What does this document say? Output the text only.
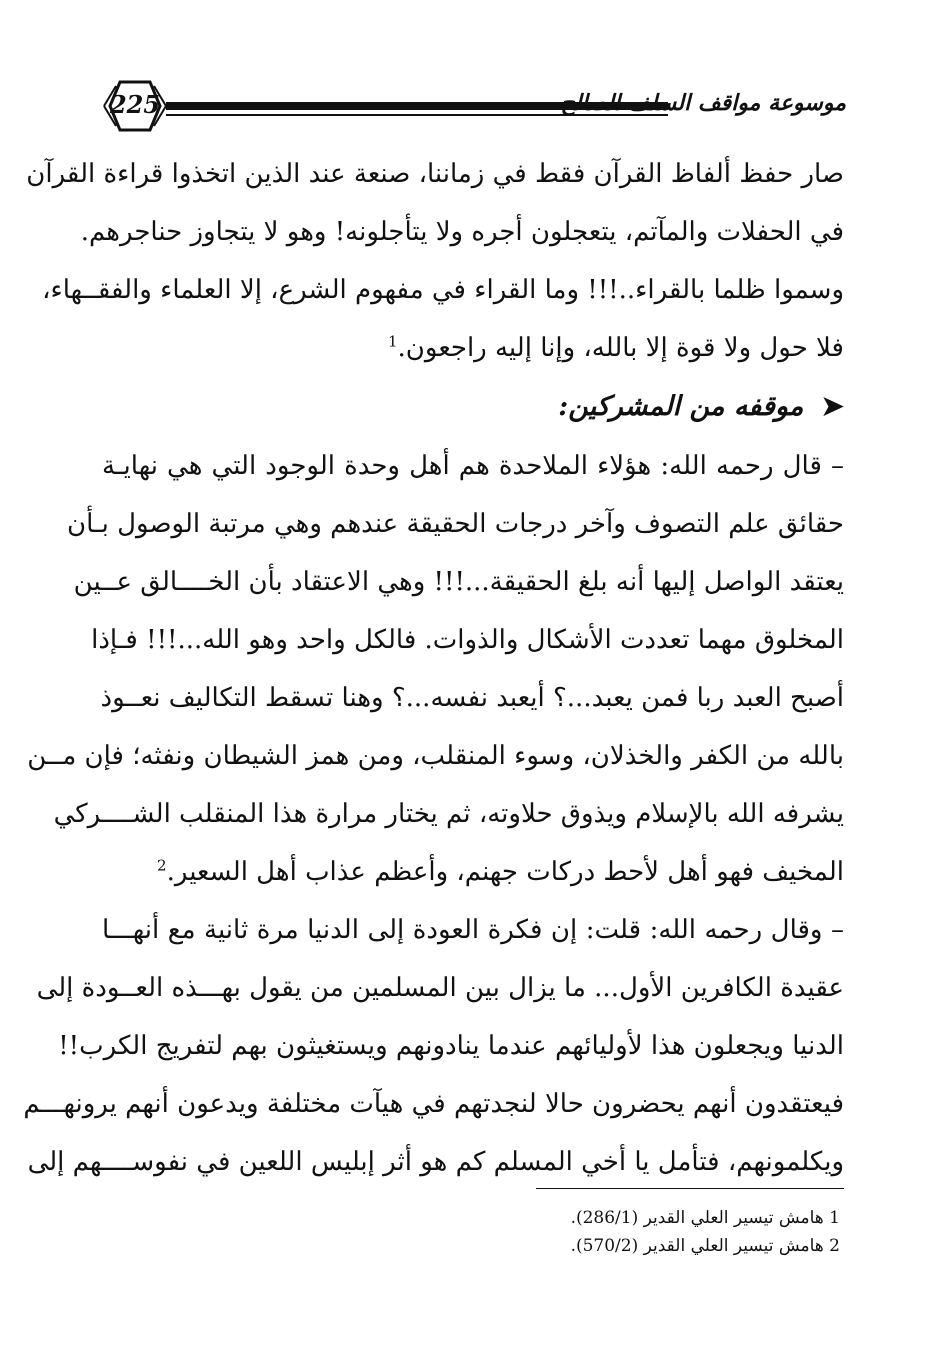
225	موسوعة مواقف السلف الصالح
صار حفظ ألفاظ القرآن فقط في زماننا، صنعة عند الذين اتخذوا قراءة القرآن
في الحفلات والمآتم، يتعجلون أجره ولا يتأجلونه! وهو لا يتجاوز حناجرهم.
وسموا ظلما بالقراء..!!! وما القراء في مفهوم الشرع، إلا العلماء والفقــهاء،
فلا حول ولا قوة إلا بالله، وإنا إليه راجعون.$^1$
➤موقفه من المشركين:
– قال رحمه الله: هؤلاء الملاحدة هم أهل وحدة الوجود التي هي نهايـة
حقائق علم التصوف وآخر درجات الحقيقة عندهم وهي مرتبة الوصول بـأن
يعتقد الواصل إليها أنه بلغ الحقيقة...!!! وهي الاعتقاد بأن الخــــالق عــين
المخلوق مهما تعددت الأشكال والذوات. فالكل واحد وهو الله...!!! فـإذا
أصبح العبد ربا فمن يعبد...؟ أيعبد نفسه...؟ وهنا تسقط التكاليف نعــوذ
بالله من الكفر والخذلان، وسوء المنقلب، ومن همز الشيطان ونفثه؛ فإن مــن
يشرفه الله بالإسلام ويذوق حلاوته، ثم يختار مرارة هذا المنقلب الشــــركي
المخيف فهو أهل لأحط دركات جهنم، وأعظم عذاب أهل السعير.$^2$
– وقال رحمه الله: قلت: إن فكرة العودة إلى الدنيا مرة ثانية مع أنهـــا
عقيدة الكافرين الأول... ما يزال بين المسلمين من يقول بهـــذه العــودة إلى
الدنيا ويجعلون هذا لأوليائهم عندما ينادونهم ويستغيثون بهم لتفريج الكرب!!
فيعتقدون أنهم يحضرون حالا لنجدتهم في هيآت مختلفة ويدعون أنهم يرونهـــم
ويكلمونهم، فتأمل يا أخي المسلم كم هو أثر إبليس اللعين في نفوســــهم إلى
1 هامش تيسير العلي القدير (286/1).
2 هامش تيسير العلي القدير (570/2).
